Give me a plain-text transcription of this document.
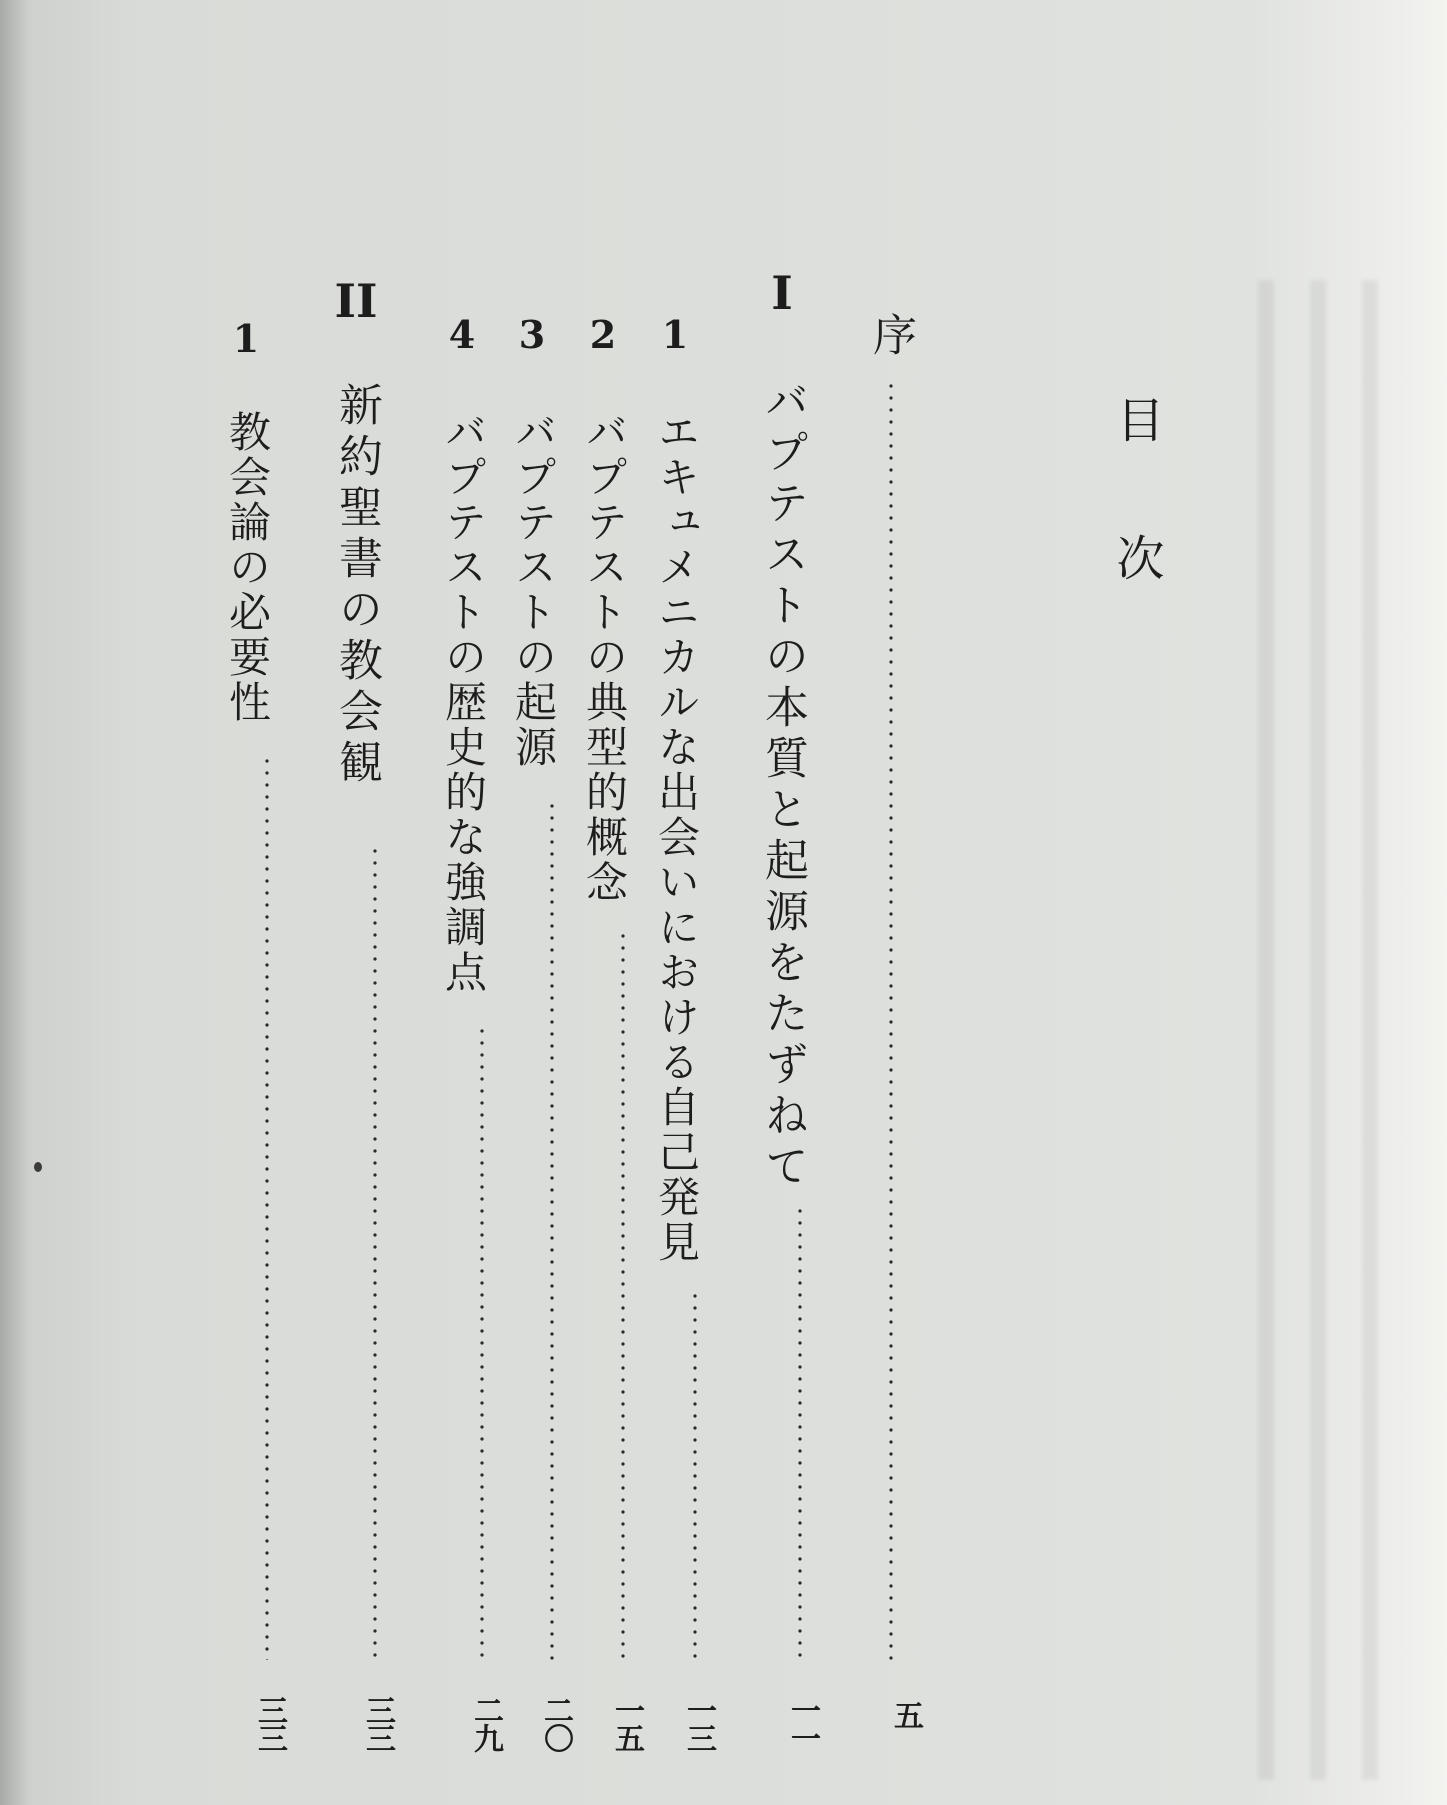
目次
序
五
I
バプテストの本質と起源をたずねて
一一
1
エキュメニカルな出会いにおける自己発見
一三
2
バプテストの典型的概念
一五
3
バプテストの起源
二〇
4
バプテストの歴史的な強調点
二九
II
新約聖書の教会観
三三
1
教会論の必要性
三三
